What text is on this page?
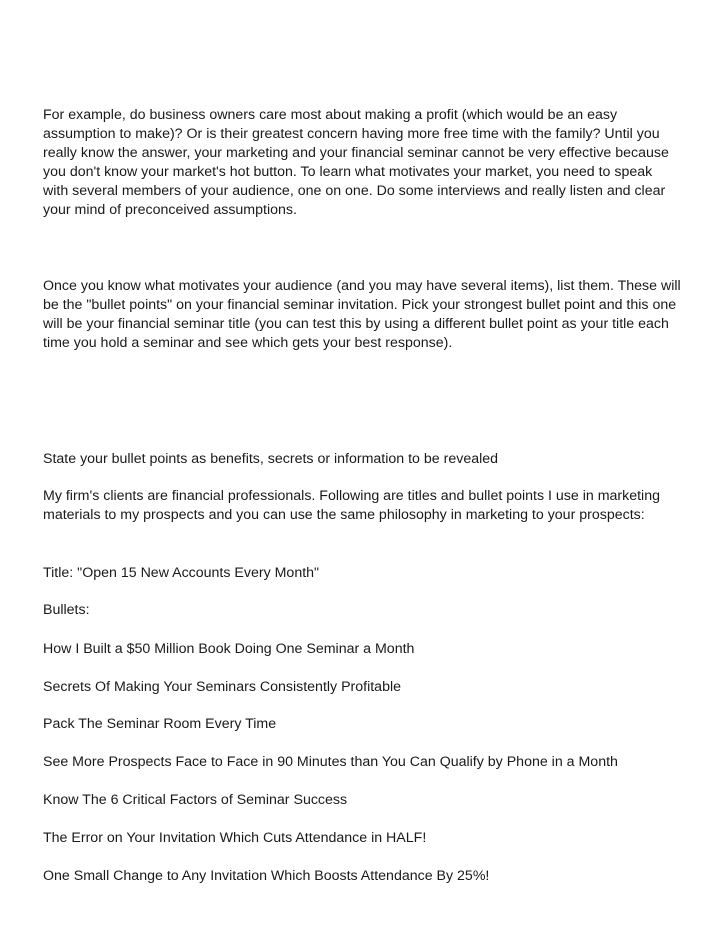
For example, do business owners care most about making a profit (which would be an easy
assumption to make)? Or is their greatest concern having more free time with the family? Until you
really know the answer, your marketing and your financial seminar cannot be very effective because
you don't know your market's hot button. To learn what motivates your market, you need to speak
with several members of your audience, one on one. Do some interviews and really listen and clear
your mind of preconceived assumptions.

Once you know what motivates your audience (and you may have several items), list them. These will
be the "bullet points" on your financial seminar invitation. Pick your strongest bullet point and this one
will be your financial seminar title (you can test this by using a different bullet point as your title each
time you hold a seminar and see which gets your best response).

State your bullet points as benefits, secrets or information to be revealed

My firm's clients are financial professionals. Following are titles and bullet points I use in marketing
materials to my prospects and you can use the same philosophy in marketing to your prospects:

Title: "Open 15 New Accounts Every Month"

Bullets:

How I Built a $50 Million Book Doing One Seminar a Month

Secrets Of Making Your Seminars Consistently Profitable

Pack The Seminar Room Every Time

See More Prospects Face to Face in 90 Minutes than You Can Qualify by Phone in a Month

Know The 6 Critical Factors of Seminar Success

The Error on Your Invitation Which Cuts Attendance in HALF!

One Small Change to Any Invitation Which Boosts Attendance By 25%!
